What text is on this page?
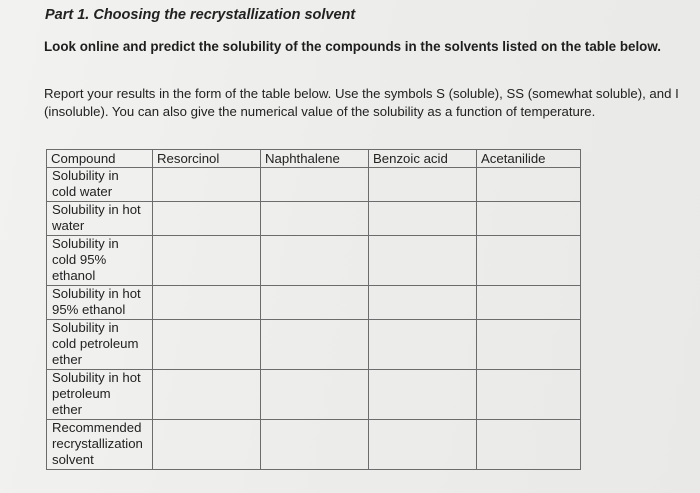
Part 1. Choosing the recrystallization solvent
Look online and predict the solubility of the compounds in the solvents listed on the table below.
Report your results in the form of the table below. Use the symbols S (soluble), SS (somewhat soluble), and I (insoluble). You can also give the numerical value of the solubility as a function of temperature.
Compound	Resorcinol	Naphthalene	Benzoic acid	Acetanilide

Solubility in
cold water				

Solubility in hot
water				

Solubility in
cold 95%
ethanol				

Solubility in hot
95% ethanol				

Solubility in
cold petroleum
ether				

Solubility in hot
petroleum
ether				

Recommended
recrystallization
solvent				
